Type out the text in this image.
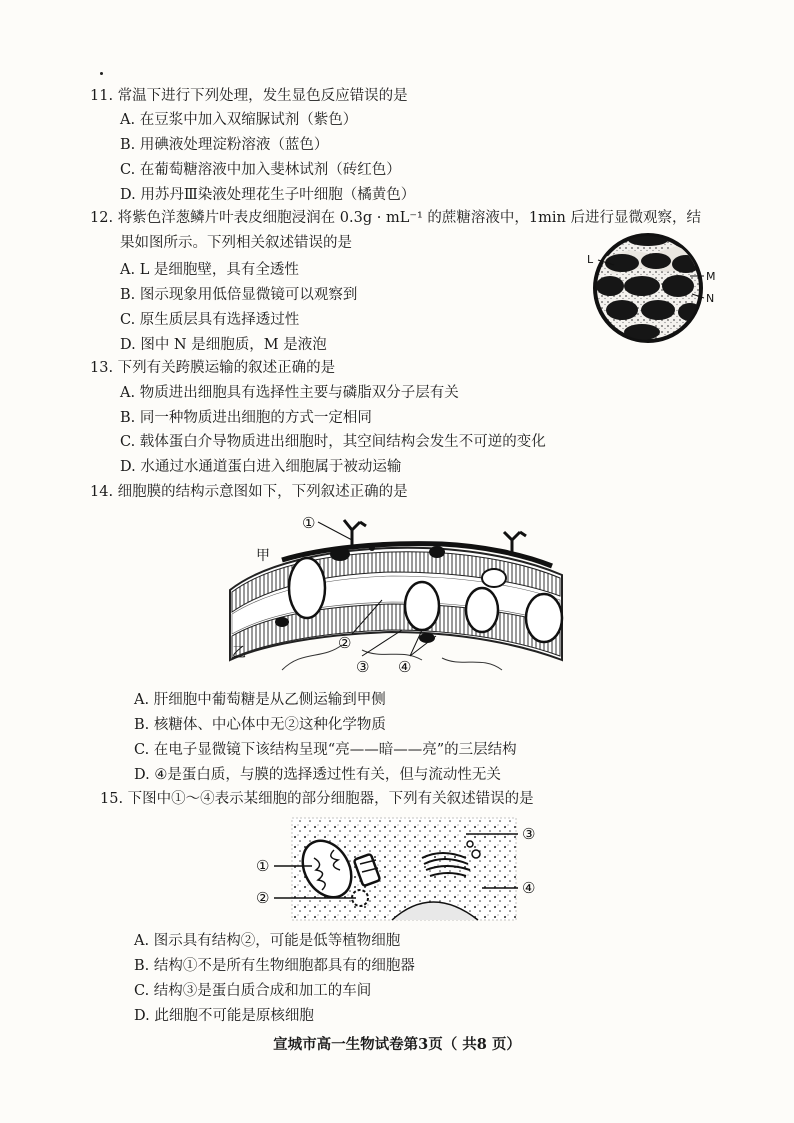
11. 常温下进行下列处理，发生显色反应错误的是
A. 在豆浆中加入双缩脲试剂（紫色）
B. 用碘液处理淀粉溶液（蓝色）
C. 在葡萄糖溶液中加入斐林试剂（砖红色）
D. 用苏丹Ⅲ染液处理花生子叶细胞（橘黄色）
12. 将紫色洋葱鳞片叶表皮细胞浸润在 0.3g · mL⁻¹ 的蔗糖溶液中，1min 后进行显微观察，结
果如图所示。下列相关叙述错误的是
A. L 是细胞壁，具有全透性
B. 图示现象用低倍显微镜可以观察到
C. 原生质层具有选择透过性
D. 图中 N 是细胞质，M 是液泡
L
M
N
13. 下列有关跨膜运输的叙述正确的是
A. 物质进出细胞具有选择性主要与磷脂双分子层有关
B. 同一种物质进出细胞的方式一定相同
C. 载体蛋白介导物质进出细胞时，其空间结构会发生不可逆的变化
D. 水通过水通道蛋白进入细胞属于被动运输
14. 细胞膜的结构示意图如下，下列叙述正确的是
甲
乙
①
②
③ ④
A. 肝细胞中葡萄糖是从乙侧运输到甲侧
B. 核糖体、中心体中无②这种化学物质
C. 在电子显微镜下该结构呈现“亮——暗——亮”的三层结构
D. ④是蛋白质，与膜的选择透过性有关，但与流动性无关
15. 下图中①～④表示某细胞的部分细胞器，下列有关叙述错误的是
①
②
③
④
A. 图示具有结构②，可能是低等植物细胞
B. 结构①不是所有生物细胞都具有的细胞器
C. 结构③是蛋白质合成和加工的车间
D. 此细胞不可能是原核细胞
宣城市高一生物试卷第3页（ 共8 页）
